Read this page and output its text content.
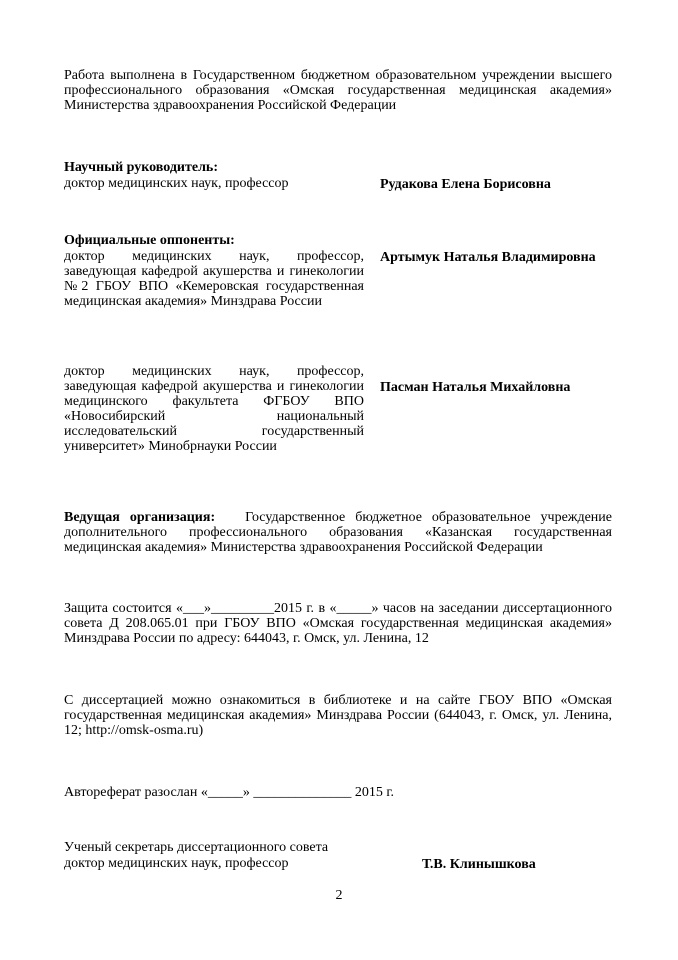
Работа выполнена в Государственном бюджетном образовательном учреждении высшего профессионального образования «Омская государственная медицинская академия» Министерства здравоохранения Российской Федерации
Научный руководитель:
доктор медицинских наук, профессор	Рудакова Елена Борисовна
Официальные оппоненты:
доктор медицинских наук, профессор, заведующая кафедрой акушерства и гинекологии №2 ГБОУ ВПО «Кемеровская государственная медицинская академия» Минздрава России
Артымук Наталья Владимировна
доктор медицинских наук, профессор, заведующая кафедрой акушерства и гинекологии медицинского факультета ФГБОУ ВПО «Новосибирский национальный исследовательский государственный университет» Минобрнауки России
Пасман Наталья Михайловна
Ведущая организация: Государственное бюджетное образовательное учреждение дополнительного профессионального образования «Казанская государственная медицинская академия» Министерства здравоохранения Российской Федерации
Защита состоится «___»_________2015 г. в «_____» часов на заседании диссертационного совета Д 208.065.01 при ГБОУ ВПО «Омская государственная медицинская академия» Минздрава России по адресу: 644043, г. Омск, ул. Ленина, 12
С диссертацией можно ознакомиться в библиотеке и на сайте ГБОУ ВПО «Омская государственная медицинская академия» Минздрава России (644043, г. Омск, ул. Ленина, 12; http://omsk-osma.ru)
Автореферат разослан «_____» ______________ 2015 г.
Ученый секретарь диссертационного совета
доктор медицинских наук, профессор	Т.В. Клинышкова
2
